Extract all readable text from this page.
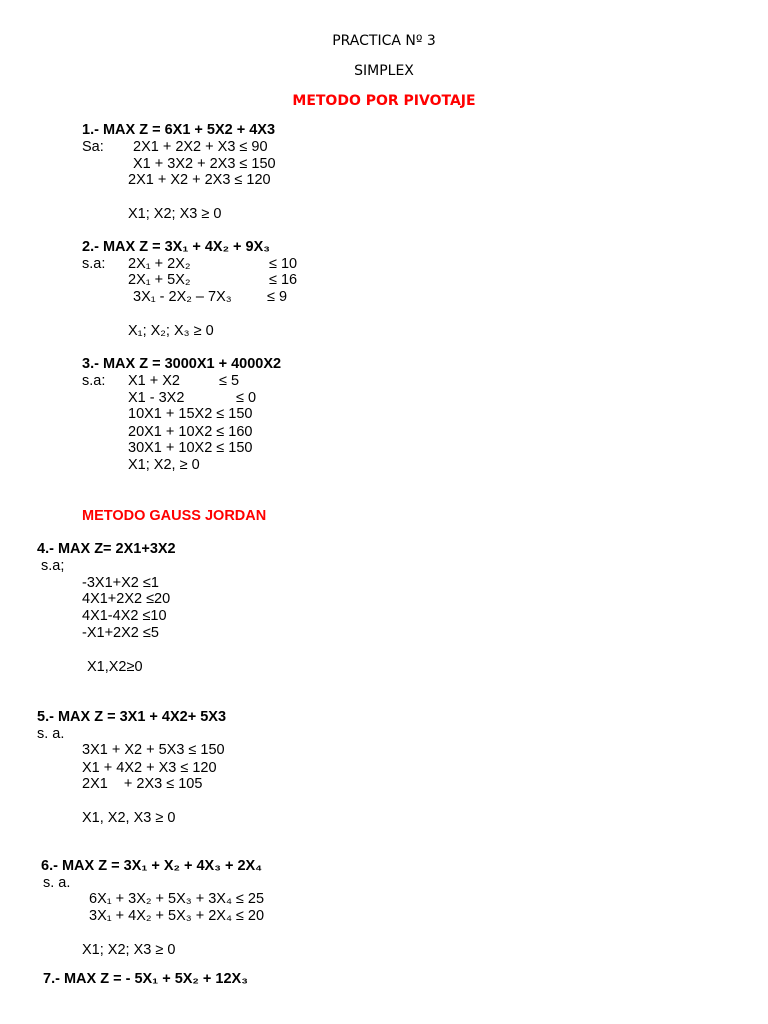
PRACTICA Nº 3
SIMPLEX
METODO POR PIVOTAJE
1.- MAX Z = 6X1 + 5X2 + 4X3
Sa: 2X1 + 2X2 + X3 ≤ 90
X1 + 3X2 + 2X3 ≤ 150
2X1 + X2 + 2X3 ≤ 120
X1; X2; X3 ≥ 0
2.- MAX Z = 3X₁ + 4X₂ + 9X₃
s.a: 2X₁ + 2X₂	≤ 10
2X₁ + 5X₂	≤ 16
3X₁ - 2X₂ – 7X₃ ≤ 9
X₁; X₂; X₃ ≥ 0
3.- MAX Z = 3000X1 + 4000X2
s.a: X1 + X2	≤ 5
X1 - 3X2	≤ 0
10X1 + 15X2 ≤ 150
20X1 + 10X2 ≤ 160
30X1 + 10X2 ≤ 150
X1; X2, ≥ 0
METODO GAUSS JORDAN
4.- MAX Z= 2X1+3X2
s.a;
-3X1+X2 ≤1
4X1+2X2 ≤20
4X1-4X2 ≤10
-X1+2X2 ≤5
X1,X2≥0
5.- MAX Z = 3X1 + 4X2+ 5X3
s. a.
3X1 + X2 + 5X3 ≤ 150
X1 + 4X2 + X3 ≤ 120
2X1    + 2X3 ≤ 105
X1, X2, X3 ≥ 0
6.- MAX Z = 3X₁ + X₂ + 4X₃ + 2X₄
s. a.
6X₁ + 3X₂ + 5X₃ + 3X₄ ≤ 25
3X₁ + 4X₂ + 5X₃ + 2X₄ ≤ 20
X1; X2; X3 ≥ 0
7.- MAX Z = - 5X₁ + 5X₂ + 12X₃
